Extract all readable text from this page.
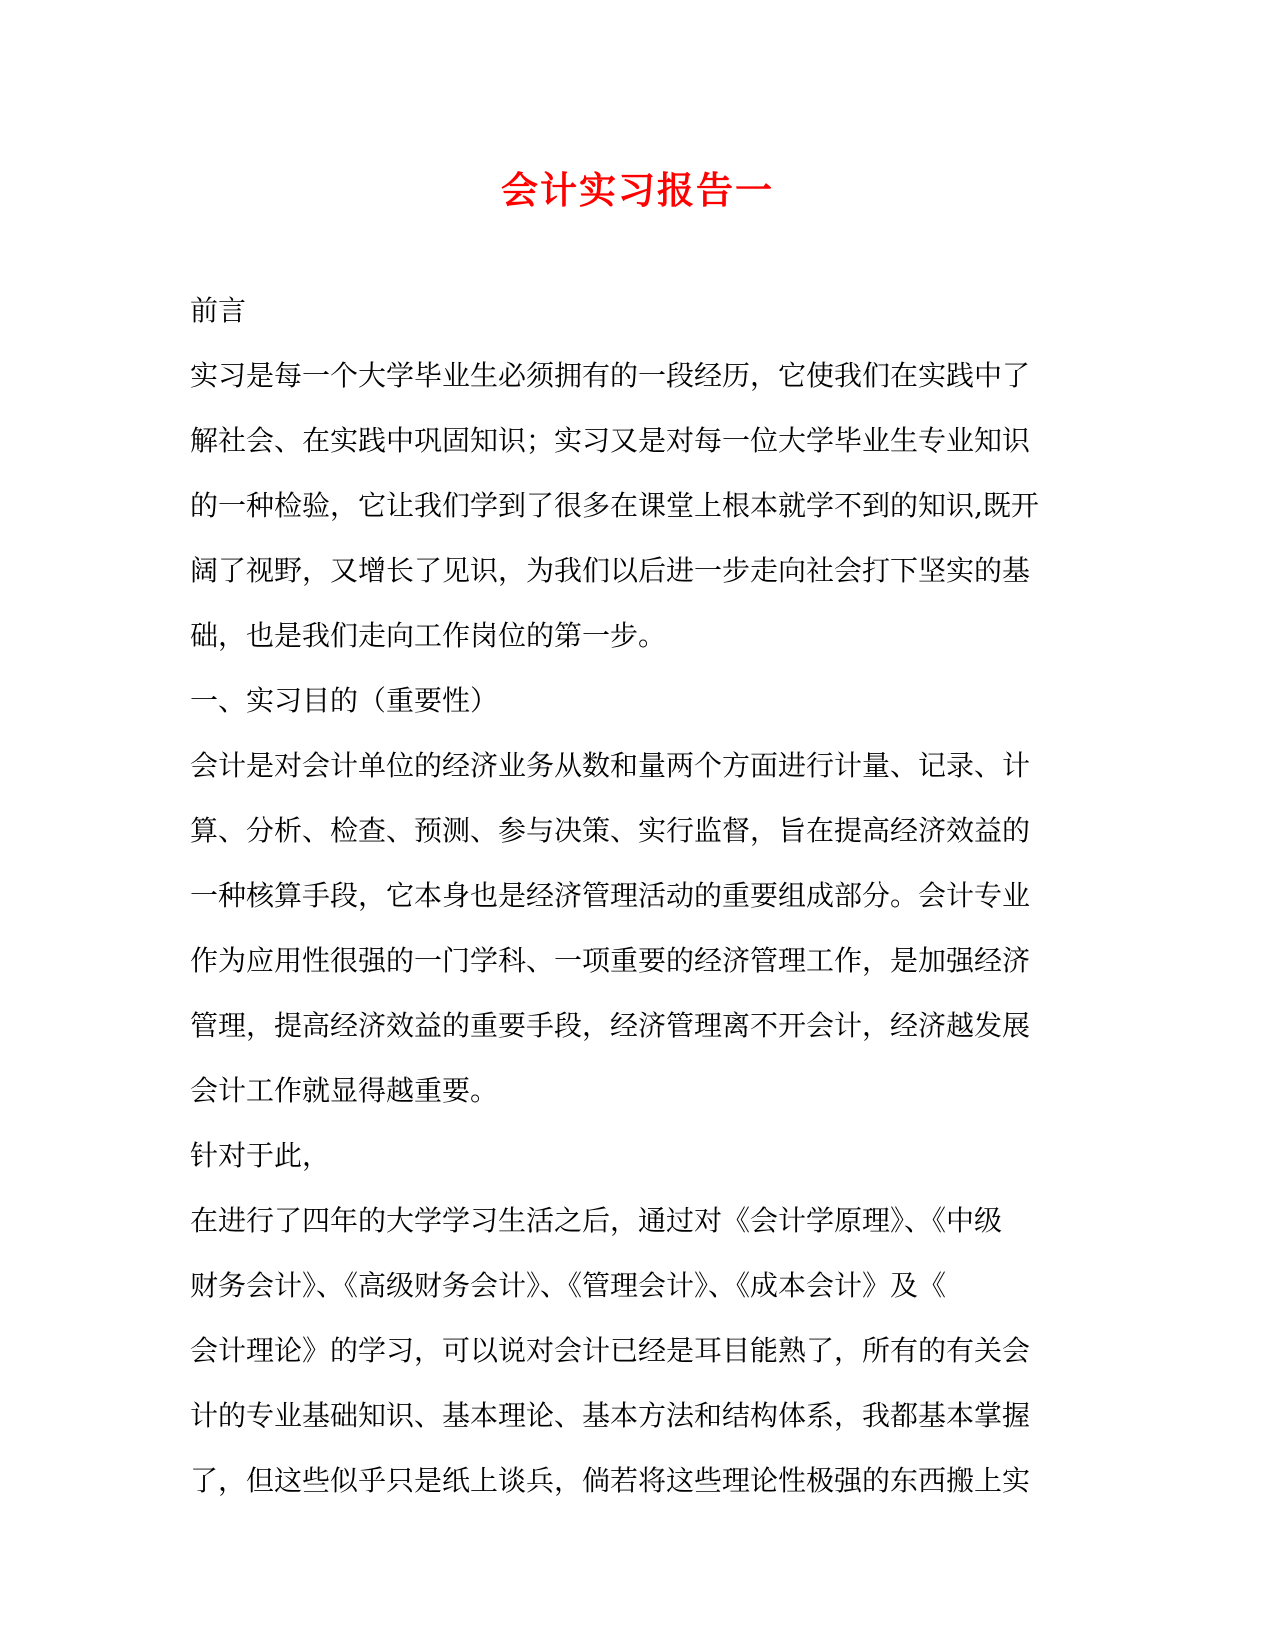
会计实习报告一
前言
实习是每一个大学毕业生必须拥有的一段经历，它使我们在实践中了
解社会、在实践中巩固知识；实习又是对每一位大学毕业生专业知识
的一种检验，它让我们学到了很多在课堂上根本就学不到的知识,既开
阔了视野，又增长了见识，为我们以后进一步走向社会打下坚实的基
础，也是我们走向工作岗位的第一步。
一、实习目的（重要性）
会计是对会计单位的经济业务从数和量两个方面进行计量、记录、计
算、分析、检查、预测、参与决策、实行监督，旨在提高经济效益的
一种核算手段，它本身也是经济管理活动的重要组成部分。会计专业
作为应用性很强的一门学科、一项重要的经济管理工作，是加强经济
管理，提高经济效益的重要手段，经济管理离不开会计，经济越发展
会计工作就显得越重要。
针对于此，
在进行了四年的大学学习生活之后，通过对《会计学原理》、《中级
财务会计》、《高级财务会计》、《管理会计》、《成本会计》及《
会计理论》的学习，可以说对会计已经是耳目能熟了，所有的有关会
计的专业基础知识、基本理论、基本方法和结构体系，我都基本掌握
了，但这些似乎只是纸上谈兵，倘若将这些理论性极强的东西搬上实
